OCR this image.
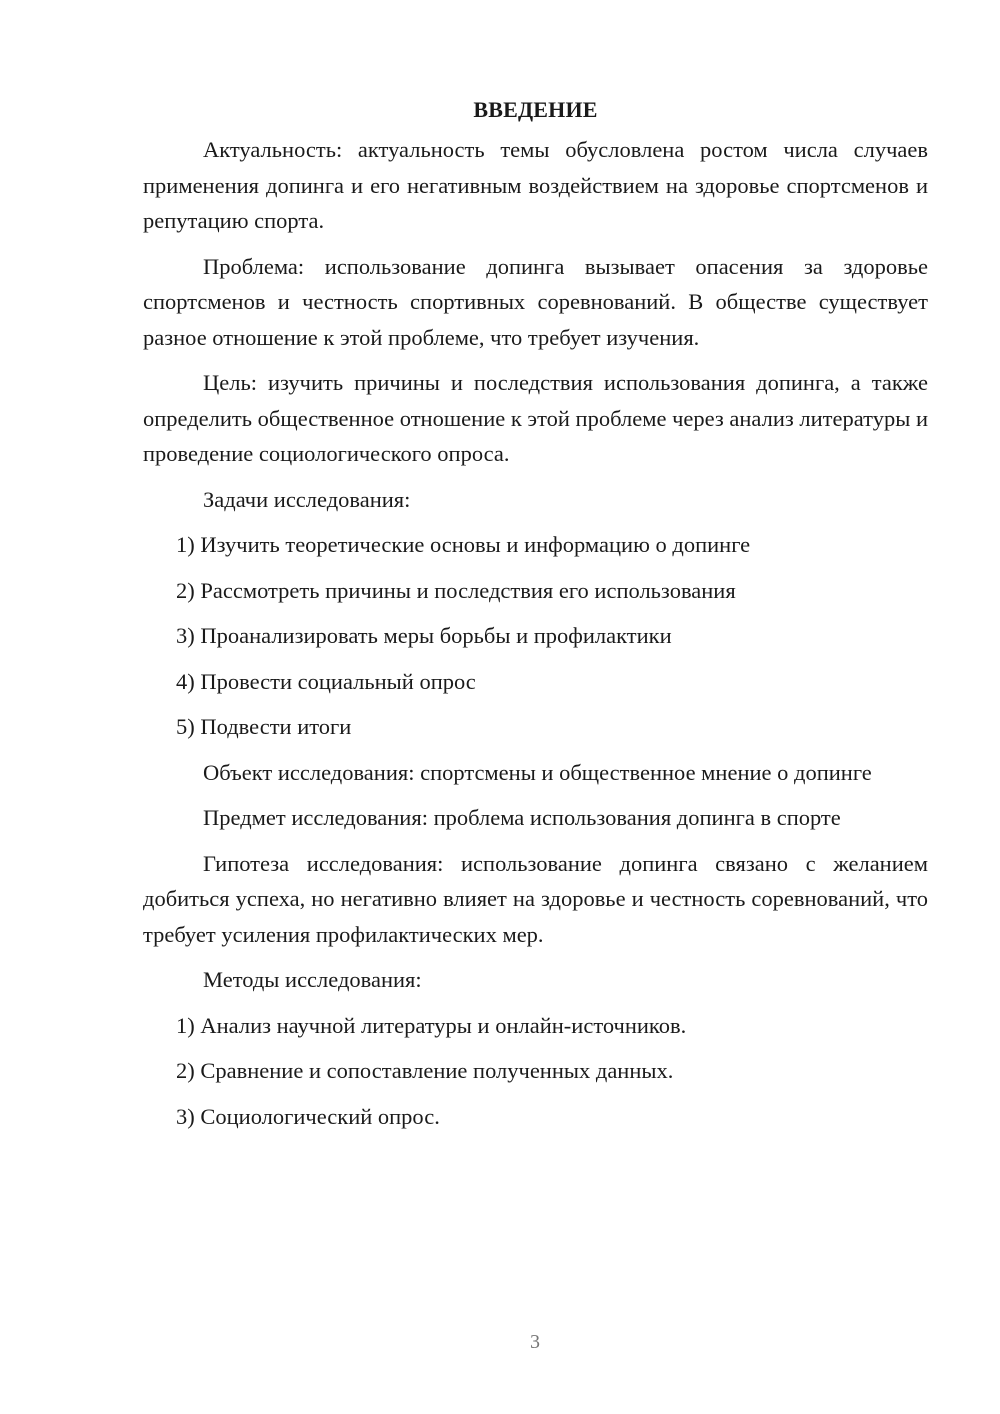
ВВЕДЕНИЕ

Актуальность: актуальность темы обусловлена ростом числа случаев применения допинга и его негативным воздействием на здоровье спортсменов и репутацию спорта.

Проблема: использование допинга вызывает опасения за здоровье спортсменов и честность спортивных соревнований. В обществе существует разное отношение к этой проблеме, что требует изучения.

Цель: изучить причины и последствия использования допинга, а также определить общественное отношение к этой проблеме через анализ литературы и проведение социологического опроса.

Задачи исследования:

1) Изучить теоретические основы и информацию о допинге
2) Рассмотреть причины и последствия его использования
3) Проанализировать меры борьбы и профилактики
4) Провести социальный опрос
5) Подвести итоги

Объект исследования: спортсмены и общественное мнение о допинге

Предмет исследования: проблема использования допинга в спорте

Гипотеза исследования: использование допинга связано с желанием добиться успеха, но негативно влияет на здоровье и честность соревнований, что требует усиления профилактических мер.

Методы исследования:

1) Анализ научной литературы и онлайн-источников.
2) Сравнение и сопоставление полученных данных.
3) Социологический опрос.
3
